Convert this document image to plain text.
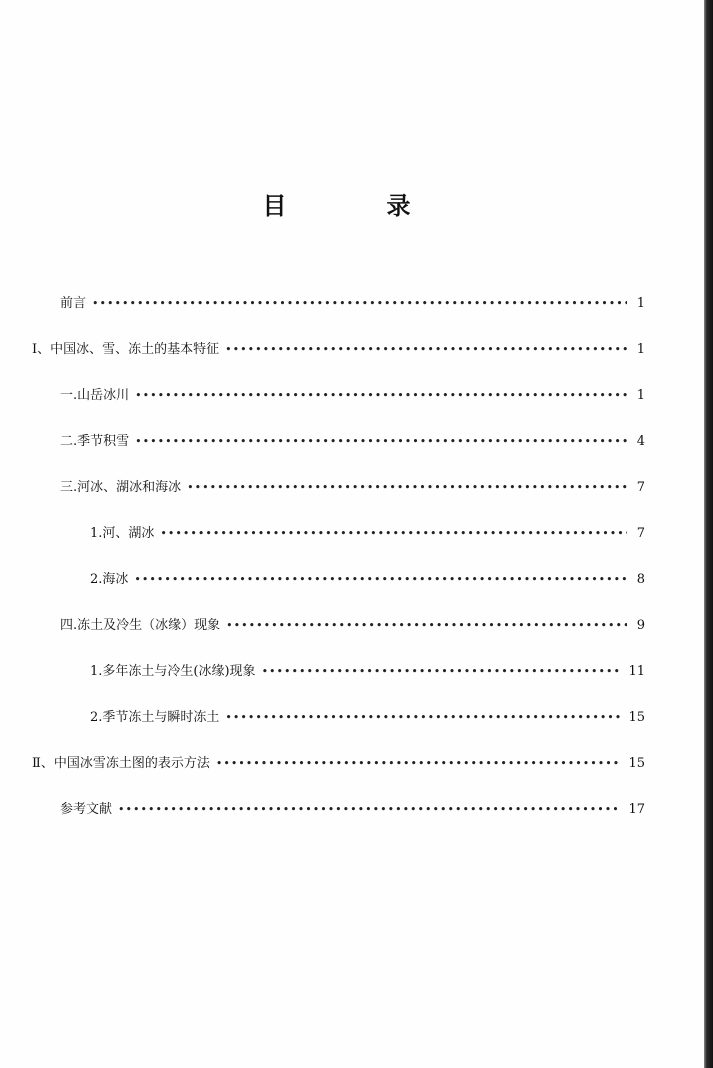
目　录
前言 •••••	1
Ⅰ、中国冰、雪、冻土的基本特征 •••••	1
一.山岳冰川 •••••	1
二.季节积雪 •••••	4
三.河冰、湖冰和海冰 •••••	7
1.河、湖冰 •••••	7
2.海冰 •••••	8
四.冻土及冷生（冰缘）现象 •••••	9
1.多年冻土与冷生(冰缘)现象 •••••	11
2.季节冻土与瞬时冻土 •••••	15
Ⅱ、中国冰雪冻土图的表示方法 •••••	15
参考文献 •••••	17
